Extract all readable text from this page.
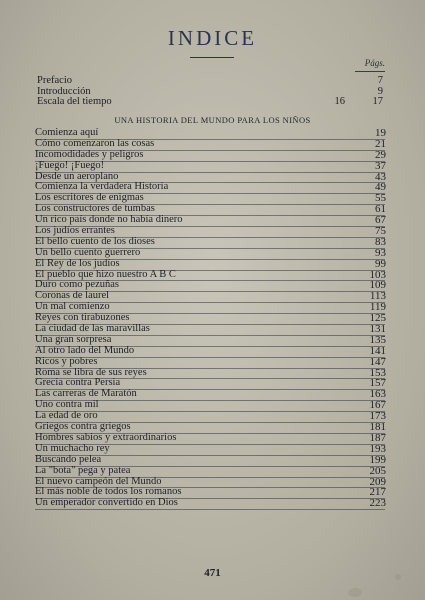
INDICE
Págs.
Prefacio	7
Introducción	9
Escala del tiempo	16	17
UNA HISTORIA DEL MUNDO PARA LOS NIÑOS
Comienza aquí	19
Cómo comenzaron las cosas	21
Incomodidades y peligros	29
¡Fuego! ¡Fuego!	37
Desde un aeroplano	43
Comienza la verdadera Historia	49
Los escritores de enigmas	55
Los constructores de tumbas	61
Un rico país donde no había dinero	67
Los judíos errantes	75
El bello cuento de los dioses	83
Un bello cuento guerrero	93
El Rey de los judíos	99
El pueblo que hizo nuestro A B C	103
Duro como pezuñas	109
Coronas de laurel	113
Un mal comienzo	119
Reyes con tirabuzones	125
La ciudad de las maravillas	131
Una gran sorpresa	135
Al otro lado del Mundo	141
Ricos y pobres	147
Roma se libra de sus reyes	153
Grecia contra Persia	157
Las carreras de Maratón	163
Uno contra mil	167
La edad de oro	173
Griegos contra griegos	181
Hombres sabios y extraordinarios	187
Un muchacho rey	193
Buscando pelea	199
La "bota" pega y patea	205
El nuevo campeón del Mundo	209
El más noble de todos los romanos	217
Un emperador convertido en Dios	223
471
